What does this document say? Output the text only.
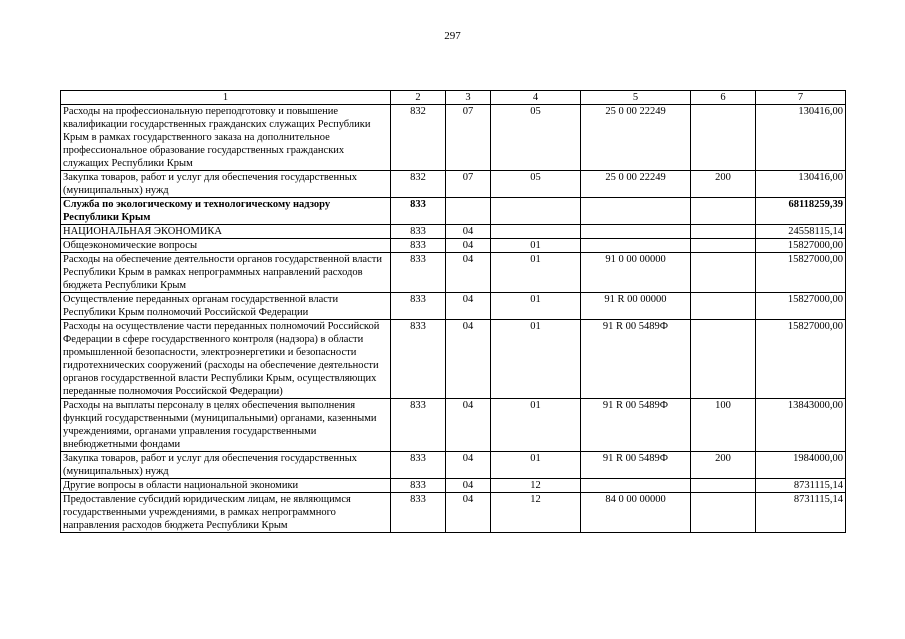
297
1	2	3	4	5	6	7
Расходы на профессиональную переподготовку и повышение квалификации государственных гражданских служащих Республики Крым в рамках государственного заказа на дополнительное профессиональное образование государственных гражданских служащих Республики Крым	832	07	05	25 0 00 22249		130416,00
Закупка товаров, работ и услуг для обеспечения государственных (муниципальных) нужд	832	07	05	25 0 00 22249	200	130416,00
Служба по экологическому и технологическому надзору Республики Крым	833					68118259,39
НАЦИОНАЛЬНАЯ ЭКОНОМИКА	833	04				24558115,14
Общеэкономические вопросы	833	04	01			15827000,00
Расходы на обеспечение деятельности органов государственной власти Республики Крым в рамках непрограммных направлений расходов бюджета Республики Крым	833	04	01	91 0 00 00000		15827000,00
Осуществление переданных органам государственной власти Республики Крым полномочий Российской Федерации	833	04	01	91 R 00 00000		15827000,00
Расходы на осуществление части переданных полномочий Российской Федерации в сфере государственного контроля (надзора) в области промышленной безопасности, электроэнергетики и безопасности гидротехнических сооружений (расходы на обеспечение деятельности органов государственной власти Республики Крым, осуществляющих переданные полномочия Российской Федерации)	833	04	01	91 R 00 5489Ф		15827000,00
Расходы на выплаты персоналу в целях обеспечения выполнения функций государственными (муниципальными) органами, казенными учреждениями, органами управления государственными внебюджетными фондами	833	04	01	91 R 00 5489Ф	100	13843000,00
Закупка товаров, работ и услуг для обеспечения государственных (муниципальных) нужд	833	04	01	91 R 00 5489Ф	200	1984000,00
Другие вопросы в области национальной экономики	833	04	12			8731115,14
Предоставление субсидий юридическим лицам, не являющимся государственными учреждениями, в рамках непрограммного направления расходов бюджета Республики Крым	833	04	12	84 0 00 00000		8731115,14
